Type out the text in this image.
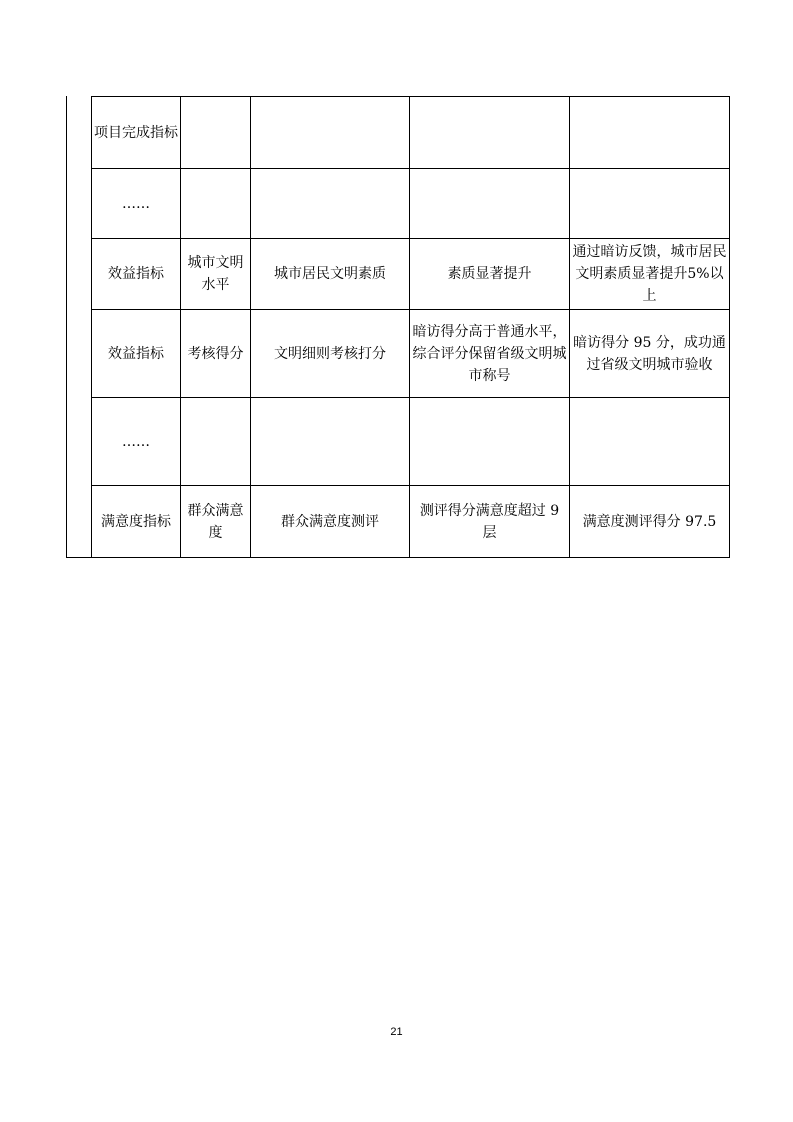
项目完成指标				
……				
效益指标	城市文明水平	城市居民文明素质	素质显著提升	通过暗访反馈，城市居民文明素质显著提升5%以上
效益指标	考核得分	文明细则考核打分	暗访得分高于普通水平，综合评分保留省级文明城市称号	暗访得分 95 分，成功通过省级文明城市验收
……				
满意度指标	群众满意度	群众满意度测评	测评得分满意度超过 9 层	满意度测评得分 97.5
21
